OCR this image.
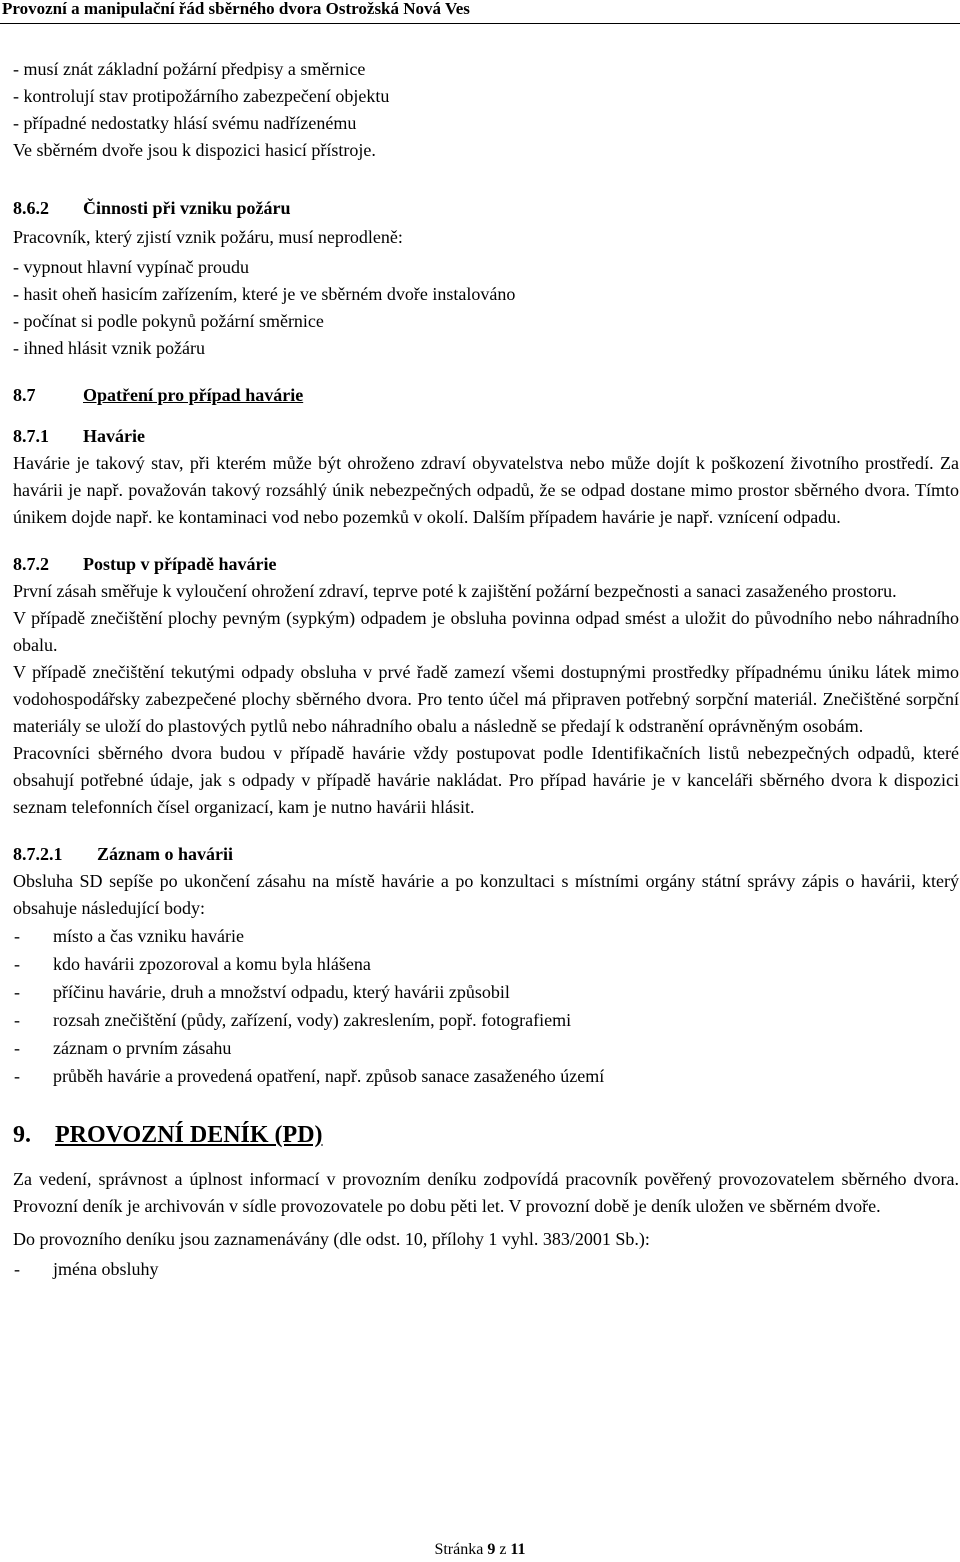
Provozní a manipulační řád sběrného dvora Ostrožská Nová Ves

- musí znát základní požární předpisy a směrnice

- kontrolují stav protipožárního zabezpečení objektu

- případné nedostatky hlásí svému nadřízenému

Ve sběrném dvoře jsou k dispozici hasicí přístroje.

8.6.2 Činnosti při vzniku požáru

Pracovník, který zjistí vznik požáru, musí neprodleně:

- vypnout hlavní vypínač proudu

- hasit oheň hasicím zařízením, které je ve sběrném dvoře instalováno

- počínat si podle pokynů požární směrnice

- ihned hlásit vznik požáru

8.7	Opatření pro případ havárie

8.7.1 Havárie

Havárie je takový stav, při kterém může být ohroženo zdraví obyvatelstva nebo může dojít k poškození životního prostředí. Za havárii je např. považován takový rozsáhlý únik nebezpečných odpadů, že se odpad dostane mimo prostor sběrného dvora. Tímto únikem dojde např. ke kontaminaci vod nebo pozemků v okolí. Dalším případem havárie je např. vznícení odpadu.

8.7.2 Postup v případě havárie

První zásah směřuje k vyloučení ohrožení zdraví, teprve poté k zajištění požární bezpečnosti a sanaci zasaženého prostoru.

V případě znečištění plochy pevným (sypkým) odpadem je obsluha povinna odpad smést a uložit do původního nebo náhradního obalu.

V případě znečištění tekutými odpady obsluha v prvé řadě zamezí všemi dostupnými prostředky případnému úniku látek mimo vodohospodářsky zabezpečené plochy sběrného dvora. Pro tento účel má připraven potřebný sorpční materiál. Znečištěné sorpční materiály se uloží do plastových pytlů nebo náhradního obalu a následně se předají k odstranění oprávněným osobám.

Pracovníci sběrného dvora budou v případě havárie vždy postupovat podle Identifikačních listů nebezpečných odpadů, které obsahují potřebné údaje, jak s odpady v případě havárie nakládat. Pro případ havárie je v kanceláři sběrného dvora k dispozici seznam telefonních čísel organizací, kam je nutno havárii hlásit.

8.7.2.1 Záznam o havárii

Obsluha SD sepíše po ukončení zásahu na místě havárie a po konzultaci s místními orgány státní správy zápis o havárii, který obsahuje následující body:

- místo a čas vzniku havárie
- kdo havárii zpozoroval a komu byla hlášena
- příčinu havárie, druh a množství odpadu, který havárii způsobil
- rozsah znečištění (půdy, zařízení, vody) zakreslením, popř. fotografiemi
- záznam o prvním zásahu
- průběh havárie a provedená opatření, např. způsob sanace zasaženého území

9. PROVOZNÍ DENÍK (PD)

Za vedení, správnost a úplnost informací v provozním deníku zodpovídá pracovník pověřený provozovatelem sběrného dvora. Provozní deník je archivován v sídle provozovatele po dobu pěti let. V provozní době je deník uložen ve sběrném dvoře.

Do provozního deníku jsou zaznamenávány (dle odst. 10, přílohy 1 vyhl. 383/2001 Sb.):

- jména obsluhy
Stránka 9 z 11
